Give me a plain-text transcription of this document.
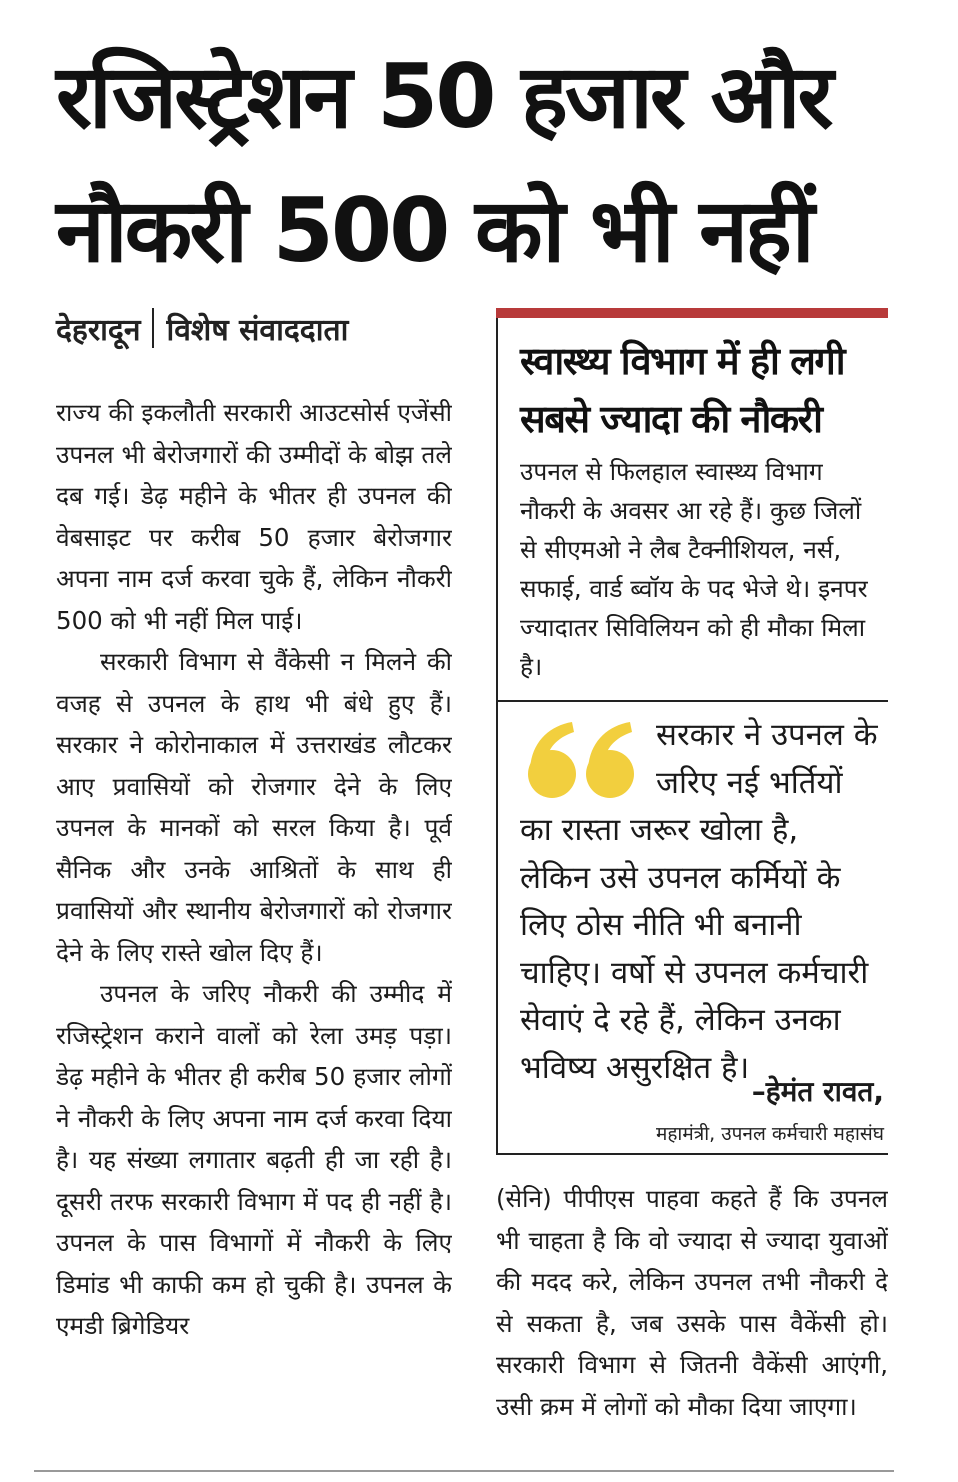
रजिस्ट्रेशन 50 हजार और
नौकरी 500 को भी नहीं
देहरादून विशेष संवाददाता

राज्य की इकलौती सरकारी आउटसोर्स एजेंसी उपनल भी बेरोजगारों की उम्मीदों के बोझ तले दब गई। डेढ़ महीने के भीतर ही उपनल की वेबसाइट पर करीब 50 हजार बेरोजगार अपना नाम दर्ज करवा चुके हैं, लेकिन नौकरी 500 को भी नहीं मिल पाई।

सरकारी विभाग से वैंकेसी न मिलने की वजह से उपनल के हाथ भी बंधे हुए हैं। सरकार ने कोरोनाकाल में उत्तराखंड लौटकर आए प्रवासियों को रोजगार देने के लिए उपनल के मानकों को सरल किया है। पूर्व सैनिक और उनके आश्रितों के साथ ही प्रवासियों और स्थानीय बेरोजगारों को रोजगार देने के लिए रास्ते खोल दिए हैं।

उपनल के जरिए नौकरी की उम्मीद में रजिस्ट्रेशन कराने वालों को रेला उमड़ पड़ा। डेढ़ महीने के भीतर ही करीब 50 हजार लोगों ने नौकरी के लिए अपना नाम दर्ज करवा दिया है। यह संख्या लगातार बढ़ती ही जा रही है। दूसरी तरफ सरकारी विभाग में पद ही नहीं है। उपनल के पास विभागों में नौकरी के लिए डिमांड भी काफी कम हो चुकी है। उपनल के एमडी ब्रिगेडियर

स्वास्थ्य विभाग में ही लगी
सबसे ज्यादा की नौकरी
उपनल से फिलहाल स्वास्थ्य विभाग नौकरी के अवसर आ रहे हैं। कुछ जिलों से सीएमओ ने लैब टैक्नीशियल, नर्स, सफाई, वार्ड ब्वॉय के पद भेजे थे। इनपर ज्यादातर सिविलियन को ही मौका मिला है।
सरकार ने उपनल के जरिए नई भर्तियों
का रास्ता जरूर खोला है, लेकिन उसे उपनल कर्मियों के लिए ठोस नीति भी बनानी चाहिए। वर्षो से उपनल कर्मचारी सेवाएं दे रहे हैं, लेकिन उनका भविष्य असुरक्षित है।
–हेमंत रावत,
महामंत्री, उपनल कर्मचारी महासंघ

(सेनि) पीपीएस पाहवा कहते हैं कि उपनल भी चाहता है कि वो ज्यादा से ज्यादा युवाओं की मदद करे, लेकिन उपनल तभी नौकरी दे से सकता है, जब उसके पास वैकेंसी हो। सरकारी विभाग से जितनी वैकेंसी आएंगी, उसी क्रम में लोगों को मौका दिया जाएगा।
